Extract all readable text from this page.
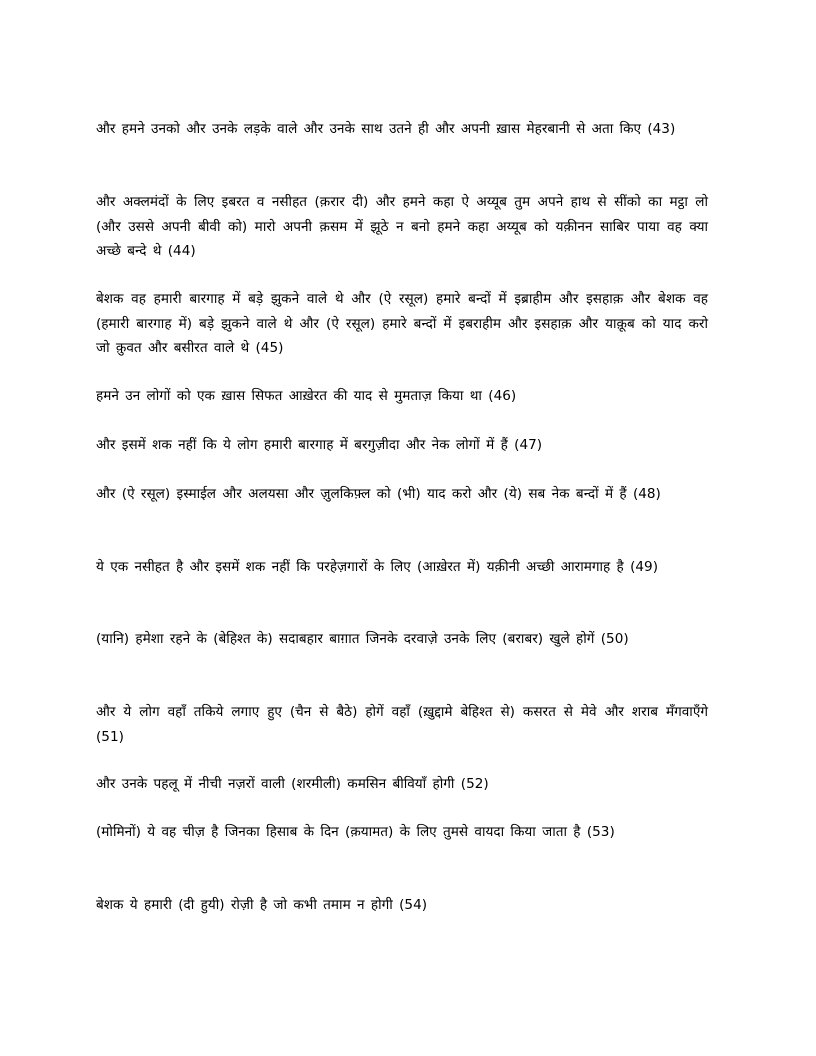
और हमने उनको और उनके लड़के वाले और उनके साथ उतने ही और अपनी ख़ास मेहरबानी से अता किए (43)

और अक्लमंदों के लिए इबरत व नसीहत (क़रार दी) और हमने कहा ऐ अय्यूब तुम अपने हाथ से सींको का मट्ठा लो (और उससे अपनी बीवी को) मारो अपनी क़सम में झूठे न बनो हमने कहा अय्यूब को यक़ीनन साबिर पाया वह क्या अच्छे बन्दे थे (44)

बेशक वह हमारी बारगाह में बड़े झुकने वाले थे और (ऐ रसूल) हमारे बन्दों में इब्राहीम और इसहाक़ और बेशक वह (हमारी बारगाह में) बड़े झुकने वाले थे और (ऐ रसूल) हमारे बन्दों में इबराहीम और इसहाक़ और याक़ूब को याद करो जो क़ुवत और बसीरत वाले थे (45)

हमने उन लोगों को एक ख़ास सिफत आख़ेरत की याद से मुमताज़ किया था (46)

और इसमें शक नहीं कि ये लोग हमारी बारगाह में बरगुज़ीदा और नेक लोगों में हैं (47)

और (ऐ रसूल) इस्माईल और अलयसा और ज़ुलकिफ़्ल को (भी) याद करो और (ये) सब नेक बन्दों में हैं (48)

ये एक नसीहत है और इसमें शक नहीं कि परहेज़गारों के लिए (आख़ेरत में) यक़ीनी अच्छी आरामगाह है (49)

(यानि) हमेशा रहने के (बेहिश्त के) सदाबहार बाग़ात जिनके दरवाज़े उनके लिए (बराबर) खुले होगें (50)

और ये लोग वहाँ तकिये लगाए हुए (चैन से बैठे) होगें वहाँ (ख़ुद्दामे बेहिश्त से) कसरत से मेवे और शराब मँगवाएँगे (51)

और उनके पहलू में नीची नज़रों वाली (शरमीली) कमसिन बीवियाँ होगी (52)

(मोमिनों) ये वह चीज़ है जिनका हिसाब के दिन (क़यामत) के लिए तुमसे वायदा किया जाता है (53)

बेशक ये हमारी (दी हुयी) रोज़ी है जो कभी तमाम न होगी (54)
